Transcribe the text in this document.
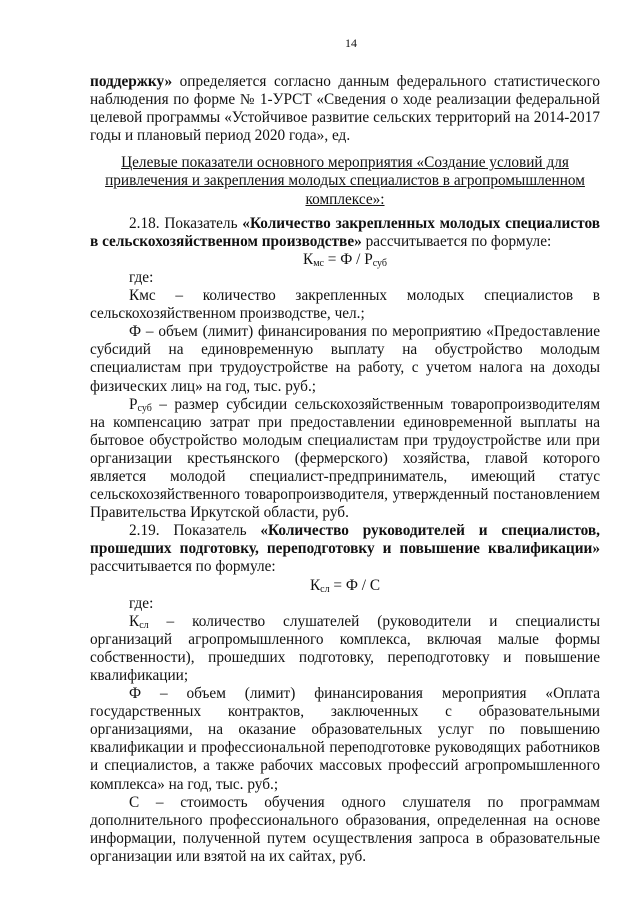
14

поддержку» определяется согласно данным федерального статистического наблюдения по форме № 1-УРСТ «Сведения о ходе реализации федеральной целевой программы «Устойчивое развитие сельских территорий на 2014-2017 годы и плановый период 2020 года», ед.

Целевые показатели основного мероприятия «Создание условий для привлечения и закрепления молодых специалистов в агропромышленном комплексе»:

2.18. Показатель «Количество закрепленных молодых специалистов в сельскохозяйственном производстве» рассчитывается по формуле:

$К_{мс} = Ф / Р_{суб}$

где:

Кмс – количество закрепленных молодых специалистов в сельскохозяйственном производстве, чел.;

Ф – объем (лимит) финансирования по мероприятию «Предоставление субсидий на единовременную выплату на обустройство молодым специалистам при трудоустройстве на работу, с учетом налога на доходы физических лиц» на год, тыс. руб.;

$Р_{суб}$ – размер субсидии сельскохозяйственным товаропроизводителям на компенсацию затрат при предоставлении единовременной выплаты на бытовое обустройство молодым специалистам при трудоустройстве или при организации крестьянского (фермерского) хозяйства, главой которого является молодой специалист-предприниматель, имеющий статус сельскохозяйственного товаропроизводителя, утвержденный постановлением Правительства Иркутской области, руб.

2.19. Показатель «Количество руководителей и специалистов, прошедших подготовку, переподготовку и повышение квалификации» рассчитывается по формуле:

$К_{сл} = Ф / С$

где:

$К_{сл}$ – количество слушателей (руководители и специалисты организаций агропромышленного комплекса, включая малые формы собственности), прошедших подготовку, переподготовку и повышение квалификации;

Ф – объем (лимит) финансирования мероприятия «Оплата государственных контрактов, заключенных с образовательными организациями, на оказание образовательных услуг по повышению квалификации и профессиональной переподготовке руководящих работников и специалистов, а также рабочих массовых профессий агропромышленного комплекса» на год, тыс. руб.;

С – стоимость обучения одного слушателя по программам дополнительного профессионального образования, определенная на основе информации, полученной путем осуществления запроса в образовательные организации или взятой на их сайтах, руб.
